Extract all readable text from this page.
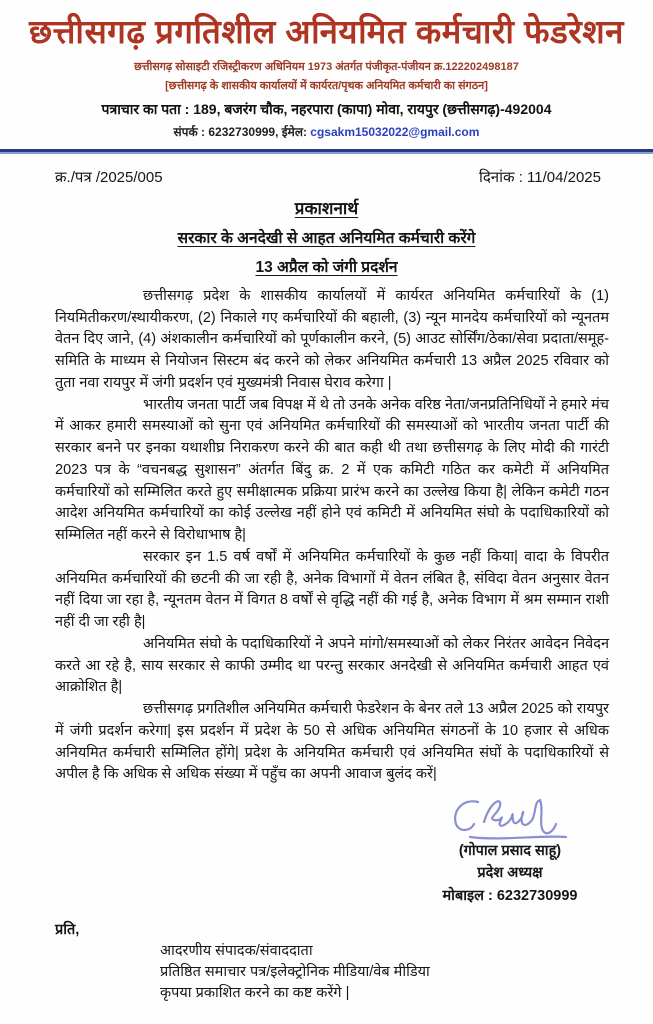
छत्तीसगढ़ प्रगतिशील अनियमित कर्मचारी फेडरेशन
छत्तीसगढ़ सोसाइटी रजिस्ट्रीकरण अधिनियम 1973 अंतर्गत पंजीकृत-पंजीयन क्र.122202498187
[छत्तीसगढ़ के शासकीय कार्यालयों में कार्यरत/पृथक अनियमित कर्मचारी का संगठन]
पत्राचार का पता : 189, बजरंग चौक, नहरपारा (कापा) मोवा, रायपुर (छत्तीसगढ़)-492004
संपर्क : 6232730999, ईमेल: cgsakm15032022@gmail.com
क्र./पत्र /2025/005	दिनांक : 11/04/2025
प्रकाशनार्थ
सरकार के अनदेखी से आहत अनियमित कर्मचारी करेंगे
13 अप्रैल को जंगी प्रदर्शन

छत्तीसगढ़ प्रदेश के शासकीय कार्यालयों में कार्यरत अनियमित कर्मचारियों के (1) नियमितीकरण/स्थायीकरण, (2) निकाले गए कर्मचारियों की बहाली, (3) न्यून मानदेय कर्मचारियों को न्यूनतम वेतन दिए जाने, (4) अंशकालीन कर्मचारियों को पूर्णकालीन करने, (5) आउट सोर्सिंग/ठेका/सेवा प्रदाता/समूह-समिति के माध्यम से नियोजन सिस्टम बंद करने को लेकर अनियमित कर्मचारी 13 अप्रैल 2025 रविवार को तुता नवा रायपुर में जंगी प्रदर्शन एवं मुख्यमंत्री निवास घेराव करेगा |

भारतीय जनता पार्टी जब विपक्ष में थे तो उनके अनेक वरिष्ठ नेता/जनप्रतिनिधियों ने हमारे मंच में आकर हमारी समस्याओं को सुना एवं अनियमित कर्मचारियों की समस्याओं को भारतीय जनता पार्टी की सरकार बनने पर इनका यथाशीघ्र निराकरण करने की बात कही थी तथा छत्तीसगढ़ के लिए मोदी की गारंटी 2023 पत्र के “वचनबद्ध सुशासन” अंतर्गत बिंदु क्र. 2 में एक कमिटी गठित कर कमेटी में अनियमित कर्मचारियों को सम्मिलित करते हुए समीक्षात्मक प्रक्रिया प्रारंभ करने का उल्लेख किया है| लेकिन कमेटी गठन आदेश अनियमित कर्मचारियों का कोई उल्लेख नहीं होने एवं कमिटी में अनियमित संघो के पदाधिकारियों को सम्मिलित नहीं करने से विरोधाभाष है|

सरकार इन 1.5 वर्ष वर्षों में अनियमित कर्मचारियों के कुछ नहीं किया| वादा के विपरीत अनियमित कर्मचारियों की छटनी की जा रही है, अनेक विभागों में वेतन लंबित है, संविदा वेतन अनुसार वेतन नहीं दिया जा रहा है, न्यूनतम वेतन में विगत 8 वर्षों से वृद्धि नहीं की गई है, अनेक विभाग में श्रम सम्मान राशी नहीं दी जा रही है|

अनियमित संघो के पदाधिकारियों ने अपने मांगो/समस्याओं को लेकर निरंतर आवेदन निवेदन करते आ रहे है, साय सरकार से काफी उम्मीद था परन्तु सरकार अनदेखी से अनियमित कर्मचारी आहत एवं आक्रोशित है|

छत्तीसगढ़ प्रगतिशील अनियमित कर्मचारी फेडरेशन के बेनर तले 13 अप्रैल 2025 को रायपुर में जंगी प्रदर्शन करेगा| इस प्रदर्शन में प्रदेश के 50 से अधिक अनियमित संगठनों के 10 हजार से अधिक अनियमित कर्मचारी सम्मिलित होंगे| प्रदेश के अनियमित कर्मचारी एवं अनियमित संघों के पदाधिकारियों से अपील है कि अधिक से अधिक संख्या में पहुँच का अपनी आवाज बुलंद करें|

(गोपाल प्रसाद साहू)
प्रदेश अध्यक्ष
मोबाइल : 6232730999
प्रति,
आदरणीय संपादक/संवाददाता
प्रतिष्ठित समाचार पत्र/इलेक्ट्रोनिक मीडिया/वेब मीडिया
कृपया प्रकाशित करने का कष्ट करेंगे |
